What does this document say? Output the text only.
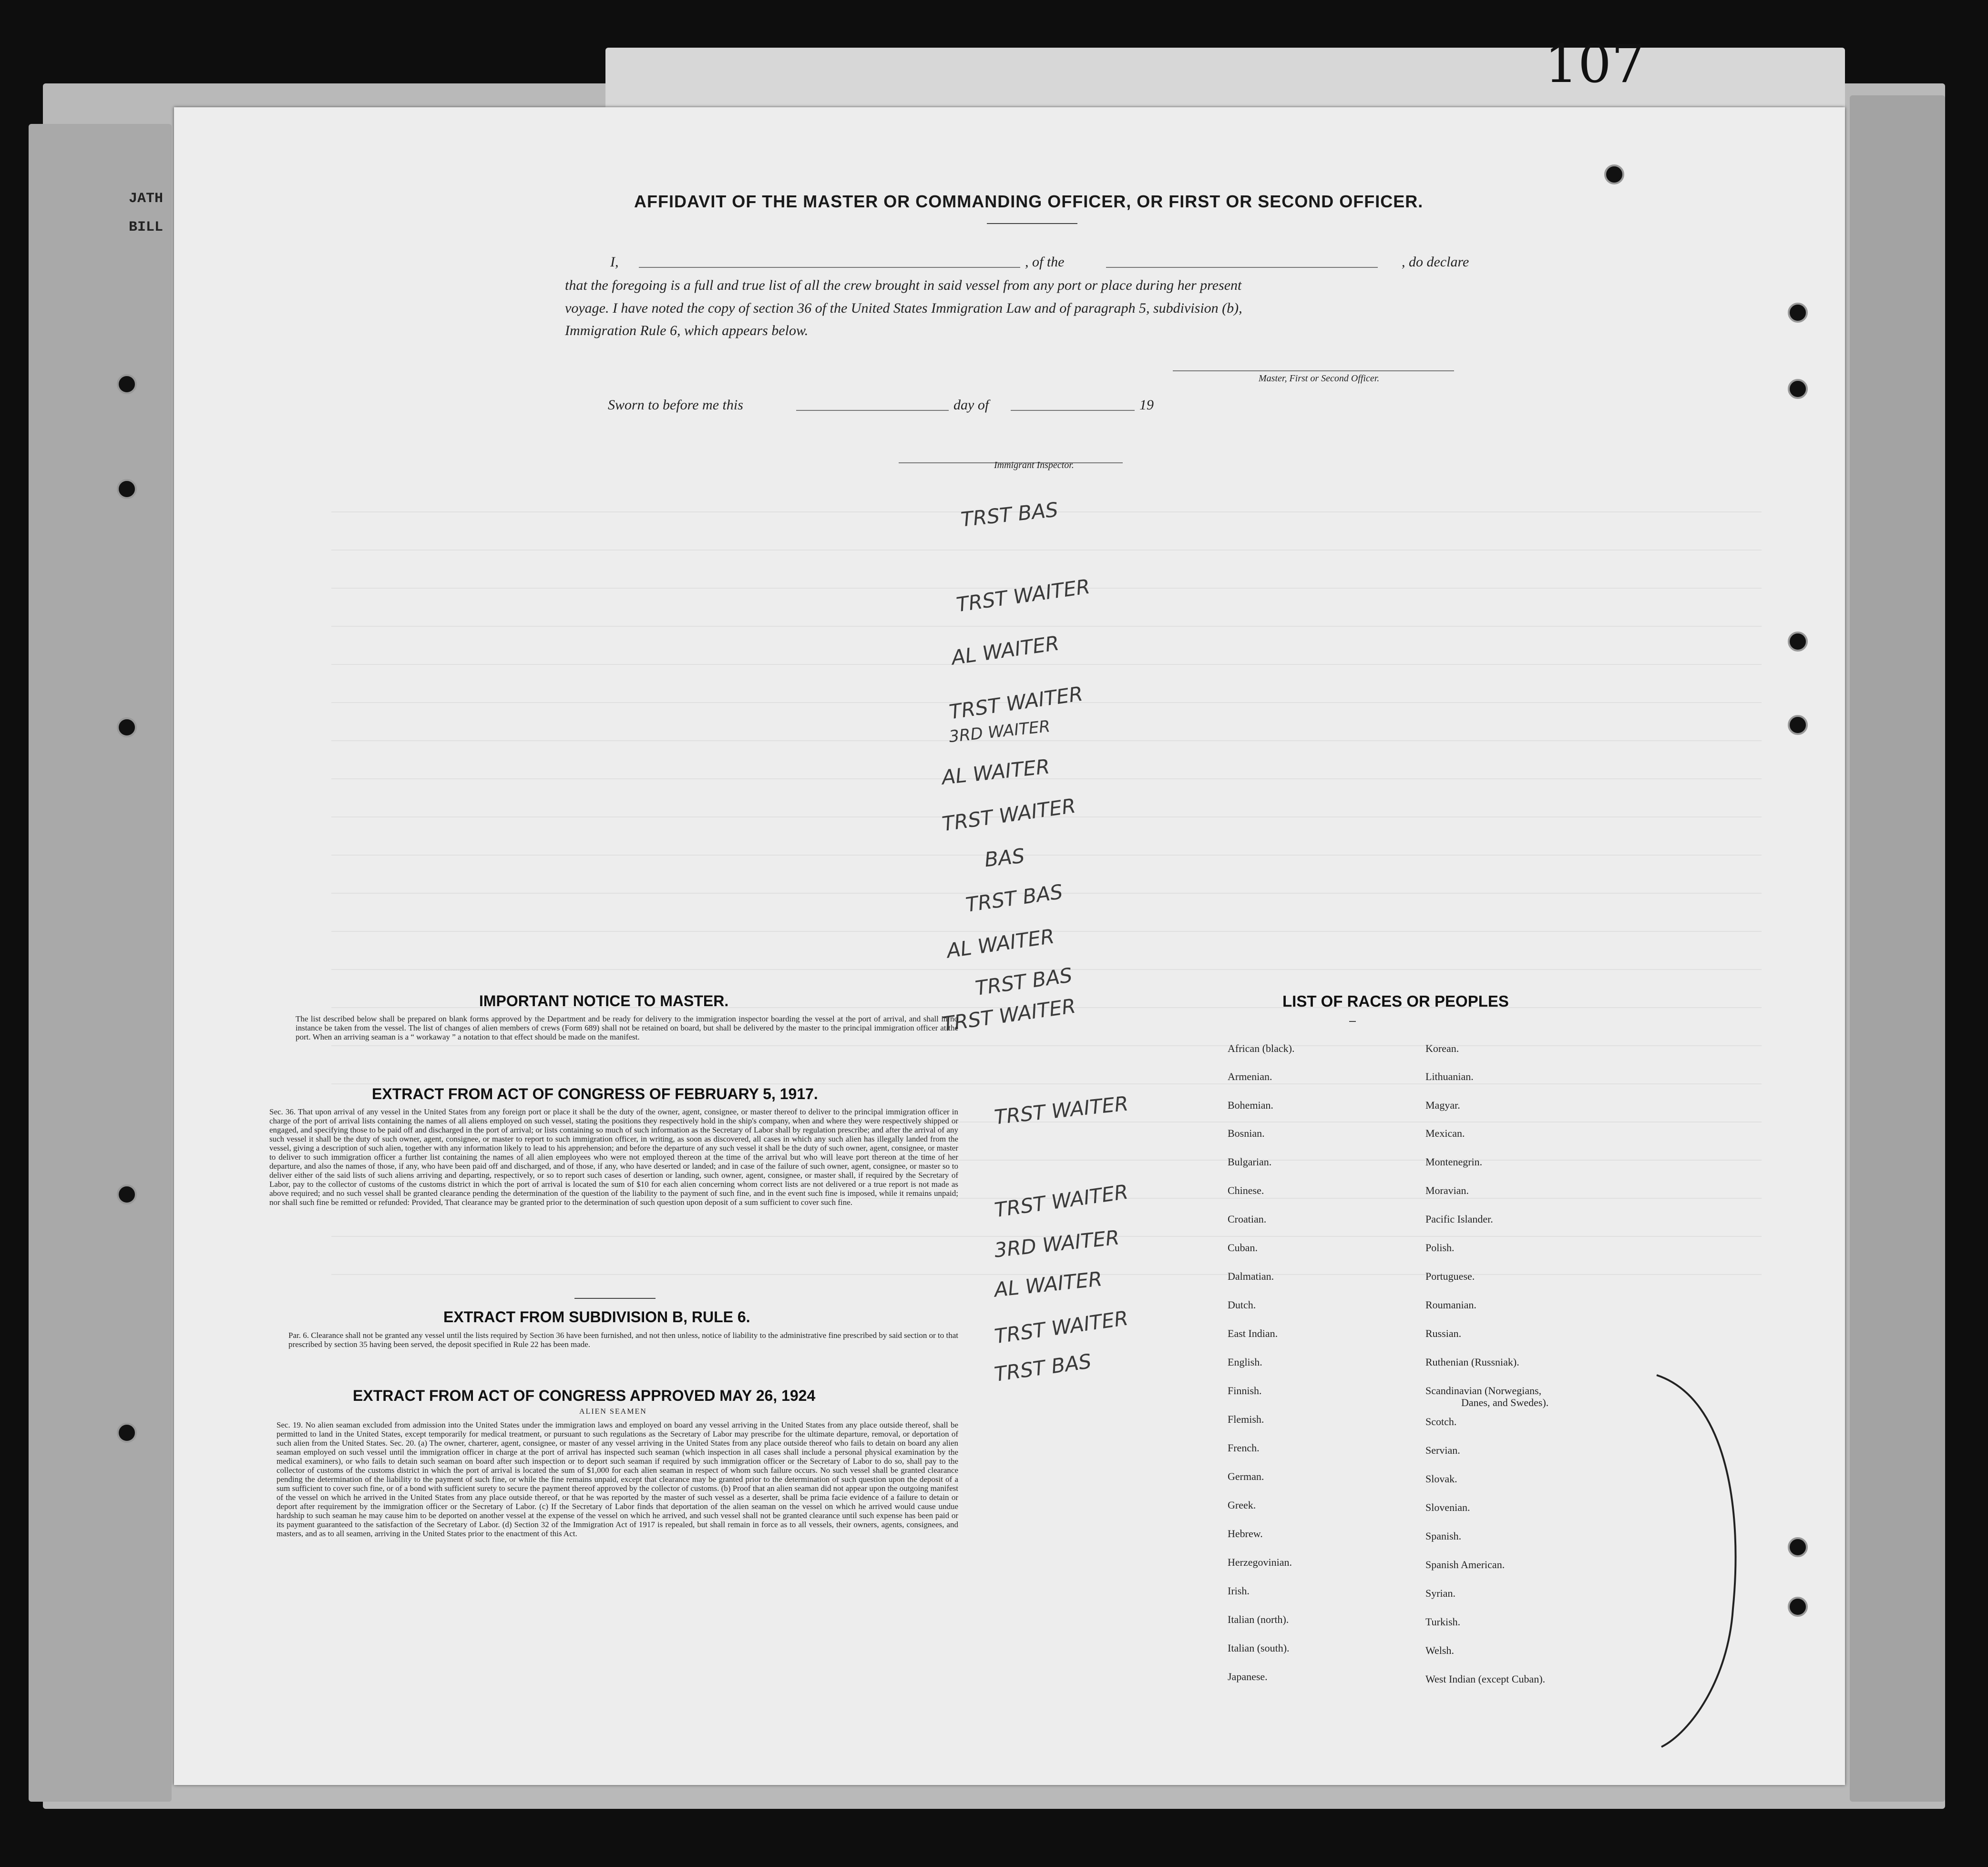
JATH
BILL
107
AFFIDAVIT OF THE MASTER OR COMMANDING OFFICER, OR FIRST OR SECOND OFFICER.
I,	, of the	, do declare
that the foregoing is a full and true list of all the crew brought in said vessel from any port or place during her present
voyage. I have noted the copy of section 36 of the United States Immigration Law and of paragraph 5, subdivision (b),
Immigration Rule 6, which appears below.
Master, First or Second Officer.
Sworn to before me this	day of	19
Immigrant Inspector.
TRST BAS
TRST WAITER
AL WAITER
TRST WAITER
3RD WAITER
AL WAITER
TRST WAITER
BAS
TRST BAS
AL WAITER
TRST BAS
TRST WAITER
TRST WAITER
TRST WAITER
3RD WAITER
AL WAITER
TRST WAITER
TRST BAS
IMPORTANT NOTICE TO MASTER.
The list described below shall be prepared on blank forms approved by the Department and be ready for delivery to the immigration inspector boarding the vessel at the port of arrival, and shall in no instance be taken from the vessel. The list of changes of alien members of crews (Form 689) shall not be retained on board, but shall be delivered by the master to the principal immigration officer at the port. When an arriving seaman is a “ workaway ” a notation to that effect should be made on the manifest.
EXTRACT FROM ACT OF CONGRESS OF FEBRUARY 5, 1917.
Sec. 36. That upon arrival of any vessel in the United States from any foreign port or place it shall be the duty of the owner, agent, consignee, or master thereof to deliver to the principal immigration officer in charge of the port of arrival lists containing the names of all aliens employed on such vessel, stating the positions they respectively hold in the ship's company, when and where they were respectively shipped or engaged, and specifying those to be paid off and discharged in the port of arrival; or lists containing so much of such information as the Secretary of Labor shall by regulation prescribe; and after the arrival of any such vessel it shall be the duty of such owner, agent, consignee, or master to report to such immigration officer, in writing, as soon as discovered, all cases in which any such alien has illegally landed from the vessel, giving a description of such alien, together with any information likely to lead to his apprehension; and before the departure of any such vessel it shall be the duty of such owner, agent, consignee, or master to deliver to such immigration officer a further list containing the names of all alien employees who were not employed thereon at the time of the arrival but who will leave port thereon at the time of her departure, and also the names of those, if any, who have been paid off and discharged, and of those, if any, who have deserted or landed; and in case of the failure of such owner, agent, consignee, or master so to deliver either of the said lists of such aliens arriving and departing, respectively, or so to report such cases of desertion or landing, such owner, agent, consignee, or master shall, if required by the Secretary of Labor, pay to the collector of customs of the customs district in which the port of arrival is located the sum of $10 for each alien concerning whom correct lists are not delivered or a true report is not made as above required; and no such vessel shall be granted clearance pending the determination of the question of the liability to the payment of such fine, and in the event such fine is imposed, while it remains unpaid; nor shall such fine be remitted or refunded: Provided, That clearance may be granted prior to the determination of such question upon deposit of a sum sufficient to cover such fine.
EXTRACT FROM SUBDIVISION B, RULE 6.
Par. 6. Clearance shall not be granted any vessel until the lists required by Section 36 have been furnished, and not then unless, notice of liability to the administrative fine prescribed by said section or to that prescribed by section 35 having been served, the deposit specified in Rule 22 has been made.
EXTRACT FROM ACT OF CONGRESS APPROVED MAY 26, 1924
ALIEN SEAMEN
Sec. 19. No alien seaman excluded from admission into the United States under the immigration laws and employed on board any vessel arriving in the United States from any place outside thereof, shall be permitted to land in the United States, except temporarily for medical treatment, or pursuant to such regulations as the Secretary of Labor may prescribe for the ultimate departure, removal, or deportation of such alien from the United States. Sec. 20. (a) The owner, charterer, agent, consignee, or master of any vessel arriving in the United States from any place outside thereof who fails to detain on board any alien seaman employed on such vessel until the immigration officer in charge at the port of arrival has inspected such seaman (which inspection in all cases shall include a personal physical examination by the medical examiners), or who fails to detain such seaman on board after such inspection or to deport such seaman if required by such immigration officer or the Secretary of Labor to do so, shall pay to the collector of customs of the customs district in which the port of arrival is located the sum of $1,000 for each alien seaman in respect of whom such failure occurs. No such vessel shall be granted clearance pending the determination of the liability to the payment of such fine, or while the fine remains unpaid, except that clearance may be granted prior to the determination of such question upon the deposit of a sum sufficient to cover such fine, or of a bond with sufficient surety to secure the payment thereof approved by the collector of customs. (b) Proof that an alien seaman did not appear upon the outgoing manifest of the vessel on which he arrived in the United States from any place outside thereof, or that he was reported by the master of such vessel as a deserter, shall be prima facie evidence of a failure to detain or deport after requirement by the immigration officer or the Secretary of Labor. (c) If the Secretary of Labor finds that deportation of the alien seaman on the vessel on which he arrived would cause undue hardship to such seaman he may cause him to be deported on another vessel at the expense of the vessel on which he arrived, and such vessel shall not be granted clearance until such expense has been paid or its payment guaranteed to the satisfaction of the Secretary of Labor. (d) Section 32 of the Immigration Act of 1917 is repealed, but shall remain in force as to all vessels, their owners, agents, consignees, and masters, and as to all seamen, arriving in the United States prior to the enactment of this Act.
LIST OF RACES OR PEOPLES
African (black).
Armenian.
Bohemian.
Bosnian.
Bulgarian.
Chinese.
Croatian.
Cuban.
Dalmatian.
Dutch.
East Indian.
English.
Finnish.
Flemish.
French.
German.
Greek.
Hebrew.
Herzegovinian.
Irish.
Italian (north).
Italian (south).
Japanese.
Korean.
Lithuanian.
Magyar.
Mexican.
Montenegrin.
Moravian.
Pacific Islander.
Polish.
Portuguese.
Roumanian.
Russian.
Ruthenian (Russniak).
Scandinavian (Norwegians,
Danes, and Swedes).
Scotch.
Servian.
Slovak.
Slovenian.
Spanish.
Spanish American.
Syrian.
Turkish.
Welsh.
West Indian (except Cuban).
